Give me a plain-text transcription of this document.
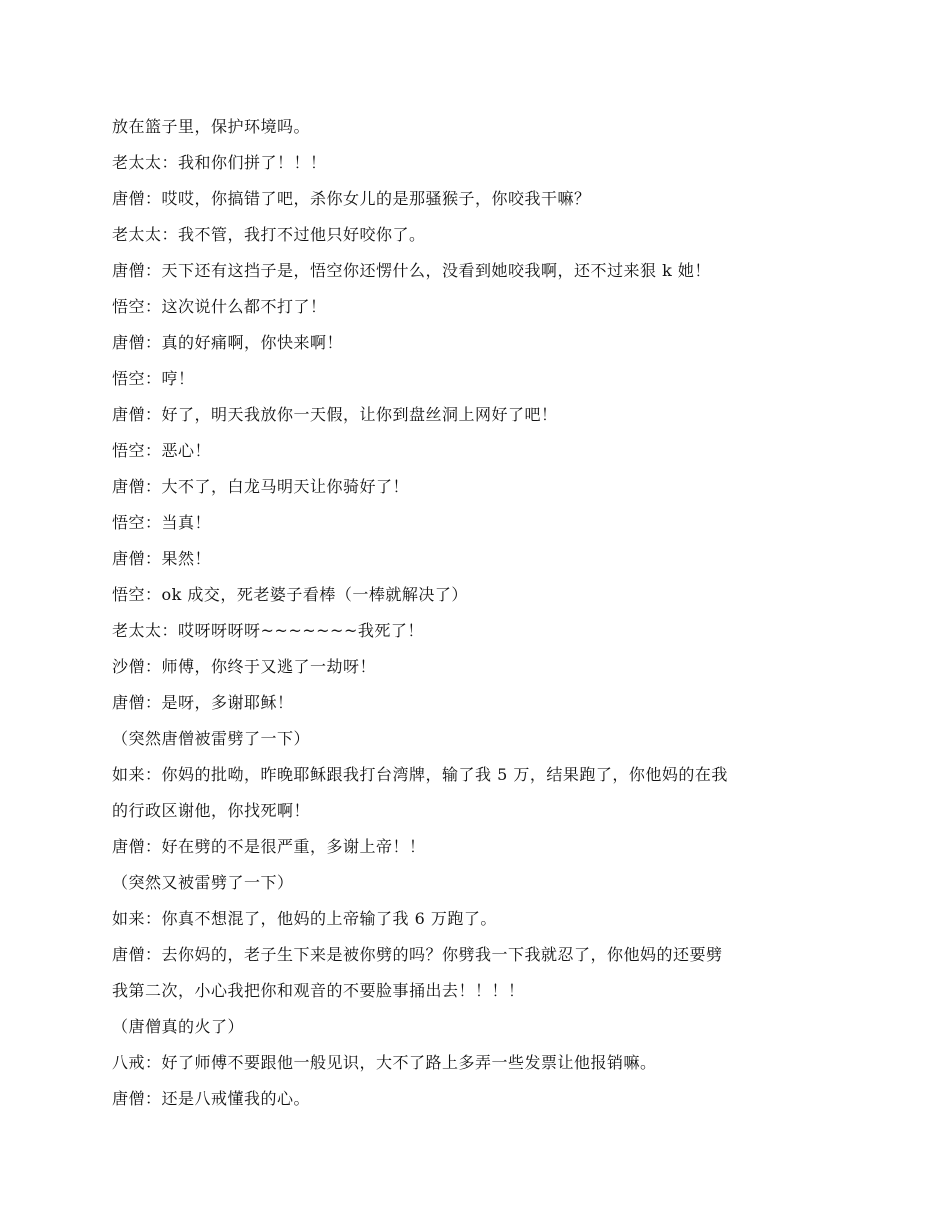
放在篮子里，保护环境吗。
老太太：我和你们拼了！！！
唐僧：哎哎，你搞错了吧，杀你女儿的是那骚猴子，你咬我干嘛？
老太太：我不管，我打不过他只好咬你了。
唐僧：天下还有这挡子是，悟空你还愣什么，没看到她咬我啊，还不过来狠 k 她！
悟空：这次说什么都不打了！
唐僧：真的好痛啊，你快来啊！
悟空：哼！
唐僧：好了，明天我放你一天假，让你到盘丝洞上网好了吧！
悟空：恶心！
唐僧：大不了，白龙马明天让你骑好了！
悟空：当真！
唐僧：果然！
悟空：ok 成交，死老婆子看棒（一棒就解决了）
老太太：哎呀呀呀呀~~~~~~~我死了！
沙僧：师傅，你终于又逃了一劫呀！
唐僧：是呀，多谢耶稣！
（突然唐僧被雷劈了一下）
如来：你妈的批呦，昨晚耶稣跟我打台湾牌，输了我 5 万，结果跑了，你他妈的在我
的行政区谢他，你找死啊！
唐僧：好在劈的不是很严重，多谢上帝！！
（突然又被雷劈了一下）
如来：你真不想混了，他妈的上帝输了我 6 万跑了。
唐僧：去你妈的，老子生下来是被你劈的吗？你劈我一下我就忍了，你他妈的还要劈
我第二次，小心我把你和观音的不要脸事捅出去！！！！
（唐僧真的火了）
八戒：好了师傅不要跟他一般见识，大不了路上多弄一些发票让他报销嘛。
唐僧：还是八戒懂我的心。
